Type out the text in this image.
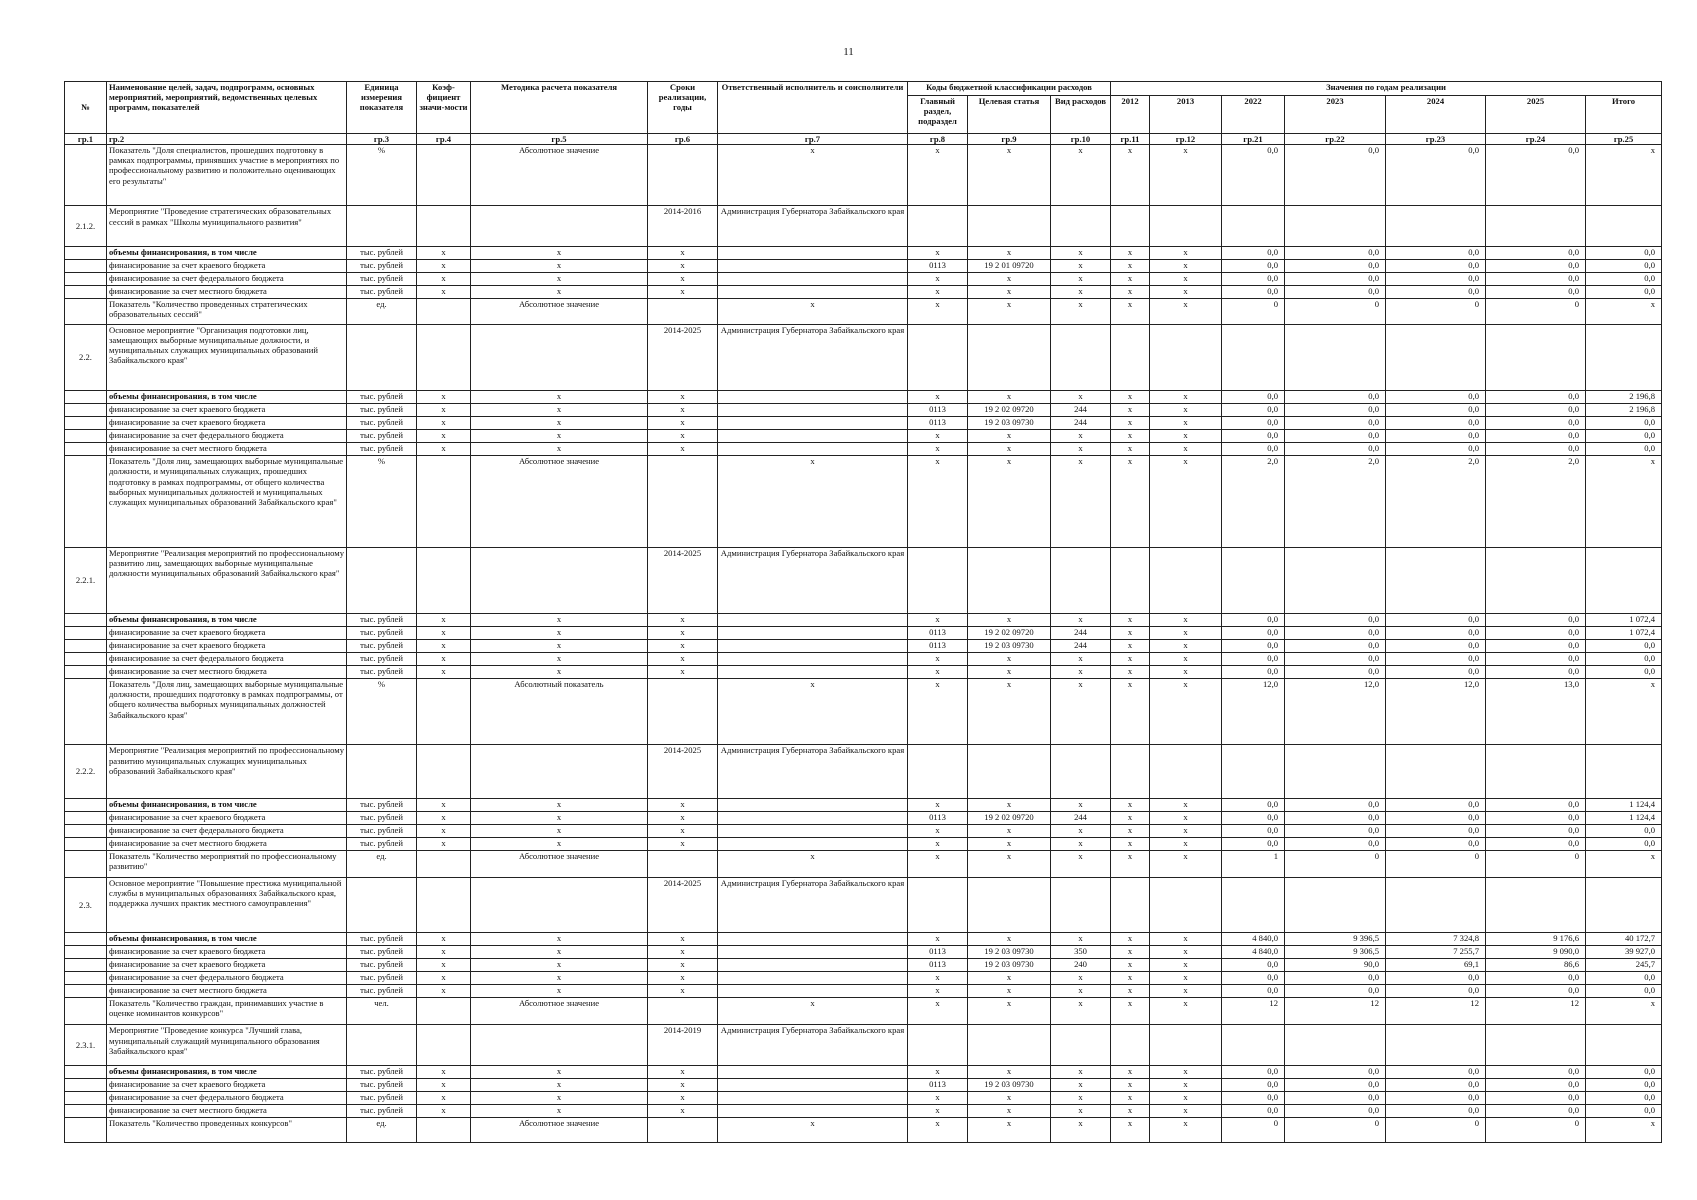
11
№	Наименование целей, задач, подпрограмм, основных мероприятий, мероприятий, ведомственных целевых программ, показателей	Единица измерения показателя	Коэф-фициент значи-мости	Методика расчета показателя	Сроки реализации, годы	Ответственный исполнитель и соисполнители	Коды бюджетной классификации расходов			Значения по годам реализации						
							Главный раздел, подраздел	Целевая статья	Вид расходов	2012	2013	2022	2023	2024	2025	Итого
гр.1	гр.2	гр.3	гр.4	гр.5	гр.6	гр.7	гр.8	гр.9	гр.10	гр.11	гр.12	гр.21	гр.22	гр.23	гр.24	гр.25
	Показатель "Доля специалистов, прошедших подготовку в рамках подпрограммы, принявших участие в мероприятиях по профессиональному развитию и положительно оценивающих его результаты"	%		Абсолютное значение		x	x	x	x	x	x	0,0	0,0	0,0	0,0	x
2.1.2.	Мероприятие "Проведение стратегических образовательных сессий в рамках "Школы муниципального развития"				2014-2016	Администрация Губернатора Забайкальского края										
	объемы финансирования, в том числе	тыс. рублей	x	x	x		x	x	x	x	x	0,0	0,0	0,0	0,0	0,0
	финансирование за счет краевого бюджета	тыс. рублей	x	x	x		0113	19 2 01 09720	x	x	x	0,0	0,0	0,0	0,0	0,0
	финансирование за счет федерального бюджета	тыс. рублей	x	x	x		x	x	x	x	x	0,0	0,0	0,0	0,0	0,0
	финансирование за счет местного бюджета	тыс. рублей	x	x	x		x	x	x	x	x	0,0	0,0	0,0	0,0	0,0
	Показатель "Количество проведенных стратегических образовательных сессий"	ед.		Абсолютное значение		x	x	x	x	x	x	0	0	0	0	x
2.2.	Основное мероприятие "Организация подготовки лиц, замещающих выборные муниципальные должности, и муниципальных служащих муниципальных образований Забайкальского края"				2014-2025	Администрация Губернатора Забайкальского края										
	объемы финансирования, в том числе	тыс. рублей	x	x	x		x	x	x	x	x	0,0	0,0	0,0	0,0	2 196,8
	финансирование за счет краевого бюджета	тыс. рублей	x	x	x		0113	19 2 02 09720	244	x	x	0,0	0,0	0,0	0,0	2 196,8
	финансирование за счет краевого бюджета	тыс. рублей	x	x	x		0113	19 2 03 09730	244	x	x	0,0	0,0	0,0	0,0	0,0
	финансирование за счет федерального бюджета	тыс. рублей	x	x	x		x	x	x	x	x	0,0	0,0	0,0	0,0	0,0
	финансирование за счет местного бюджета	тыс. рублей	x	x	x		x	x	x	x	x	0,0	0,0	0,0	0,0	0,0
	Показатель "Доля лиц, замещающих выборные муниципальные должности, и муниципальных служащих, прошедших подготовку в рамках подпрограммы, от общего количества выборных муниципальных должностей и муниципальных служащих муниципальных образований Забайкальского края"	%		Абсолютное значение		x	x	x	x	x	x	2,0	2,0	2,0	2,0	x
2.2.1.	Мероприятие "Реализация мероприятий по профессиональному развитию лиц, замещающих выборные муниципальные должности муниципальных образований Забайкальского края"				2014-2025	Администрация Губернатора Забайкальского края										
	объемы финансирования, в том числе	тыс. рублей	x	x	x		x	x	x	x	x	0,0	0,0	0,0	0,0	1 072,4
	финансирование за счет краевого бюджета	тыс. рублей	x	x	x		0113	19 2 02 09720	244	x	x	0,0	0,0	0,0	0,0	1 072,4
	финансирование за счет краевого бюджета	тыс. рублей	x	x	x		0113	19 2 03 09730	244	x	x	0,0	0,0	0,0	0,0	0,0
	финансирование за счет федерального бюджета	тыс. рублей	x	x	x		x	x	x	x	x	0,0	0,0	0,0	0,0	0,0
	финансирование за счет местного бюджета	тыс. рублей	x	x	x		x	x	x	x	x	0,0	0,0	0,0	0,0	0,0
	Показатель "Доля лиц, замещающих выборные муниципальные должности, прошедших подготовку в рамках подпрограммы, от общего количества выборных муниципальных должностей Забайкальского края"	%		Абсолютный показатель		x	x	x	x	x	x	12,0	12,0	12,0	13,0	x
2.2.2.	Мероприятие "Реализация мероприятий по профессиональному развитию муниципальных служащих муниципальных образований Забайкальского края"				2014-2025	Администрация Губернатора Забайкальского края										
	объемы финансирования, в том числе	тыс. рублей	x	x	x		x	x	x	x	x	0,0	0,0	0,0	0,0	1 124,4
	финансирование за счет краевого бюджета	тыс. рублей	x	x	x		0113	19 2 02 09720	244	x	x	0,0	0,0	0,0	0,0	1 124,4
	финансирование за счет федерального бюджета	тыс. рублей	x	x	x		x	x	x	x	x	0,0	0,0	0,0	0,0	0,0
	финансирование за счет местного бюджета	тыс. рублей	x	x	x		x	x	x	x	x	0,0	0,0	0,0	0,0	0,0
	Показатель "Количество мероприятий по профессиональному развитию"	ед.		Абсолютное значение		x	x	x	x	x	x	1	0	0	0	x
2.3.	Основное мероприятие "Повышение престижа муниципальной службы в муниципальных образованиях Забайкальского края, поддержка лучших практик местного самоуправления"				2014-2025	Администрация Губернатора Забайкальского края										
	объемы финансирования, в том числе	тыс. рублей	x	x	x		x	x	x	x	x	4 840,0	9 396,5	7 324,8	9 176,6	40 172,7
	финансирование за счет краевого бюджета	тыс. рублей	x	x	x		0113	19 2 03 09730	350	x	x	4 840,0	9 306,5	7 255,7	9 090,0	39 927,0
	финансирование за счет краевого бюджета	тыс. рублей	x	x	x		0113	19 2 03 09730	240	x	x	0,0	90,0	69,1	86,6	245,7
	финансирование за счет федерального бюджета	тыс. рублей	x	x	x		x	x	x	x	x	0,0	0,0	0,0	0,0	0,0
	финансирование за счет местного бюджета	тыс. рублей	x	x	x		x	x	x	x	x	0,0	0,0	0,0	0,0	0,0
	Показатель "Количество граждан, принимавших участие в оценке номинантов конкурсов"	чел.		Абсолютное значение		x	x	x	x	x	x	12	12	12	12	x
2.3.1.	Мероприятие "Проведение конкурса "Лучший глава, муниципальный служащий муниципального образования Забайкальского края"				2014-2019	Администрация Губернатора Забайкальского края										
	объемы финансирования, в том числе	тыс. рублей	x	x	x		x	x	x	x	x	0,0	0,0	0,0	0,0	0,0
	финансирование за счет краевого бюджета	тыс. рублей	x	x	x		0113	19 2 03 09730	x	x	x	0,0	0,0	0,0	0,0	0,0
	финансирование за счет федерального бюджета	тыс. рублей	x	x	x		x	x	x	x	x	0,0	0,0	0,0	0,0	0,0
	финансирование за счет местного бюджета	тыс. рублей	x	x	x		x	x	x	x	x	0,0	0,0	0,0	0,0	0,0
	Показатель "Количество проведенных конкурсов"	ед.		Абсолютное значение		x	x	x	x	x	x	0	0	0	0	x
